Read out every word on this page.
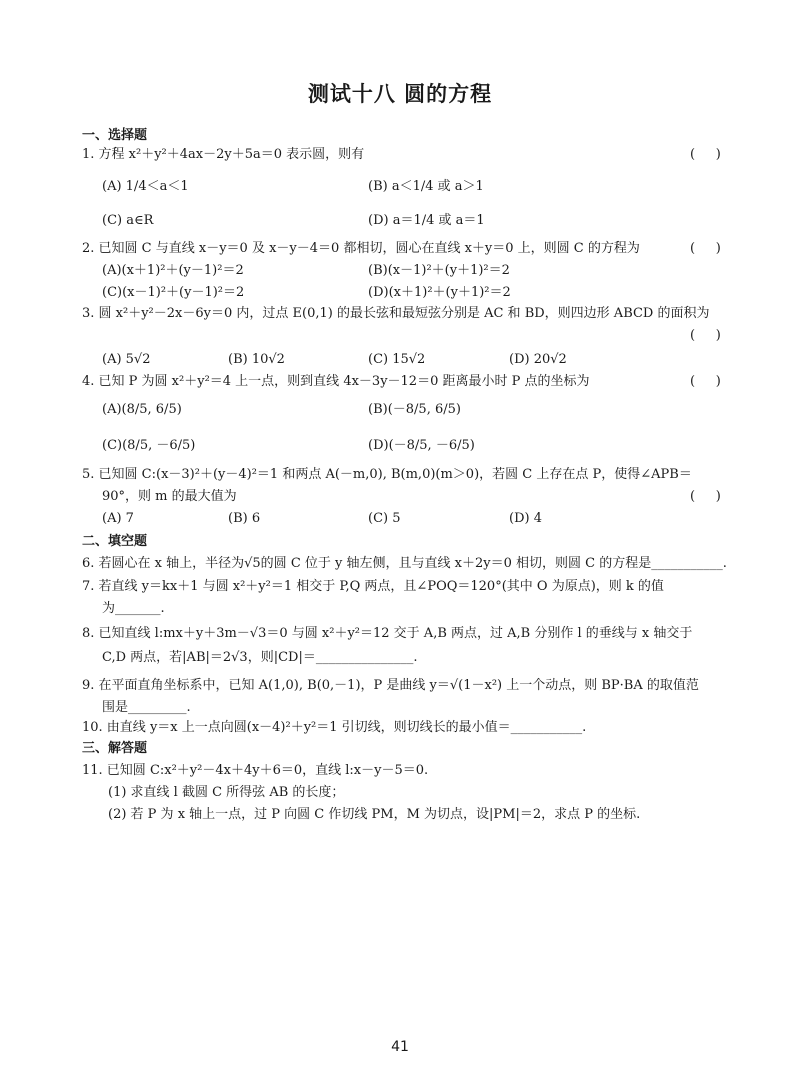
测试十八 圆的方程
一、选择题
1. 方程 x²＋y²＋4ax－2y＋5a＝0 表示圆，则有	(     )
(A) 1/4＜a＜1	(B) a＜1/4 或 a＞1
(C) a∈R	(D) a＝1/4 或 a＝1
2. 已知圆 C 与直线 x－y＝0 及 x－y－4＝0 都相切，圆心在直线 x＋y＝0 上，则圆 C 的方程为	(     )
(A)(x＋1)²＋(y－1)²＝2	(B)(x－1)²＋(y＋1)²＝2
(C)(x－1)²＋(y－1)²＝2	(D)(x＋1)²＋(y＋1)²＝2
3. 圆 x²＋y²－2x－6y＝0 内，过点 E(0,1) 的最长弦和最短弦分别是 AC 和 BD，则四边形 ABCD 的面积为
(     )
(A) 5√2	(B) 10√2	(C) 15√2	(D) 20√2
4. 已知 P 为圆 x²＋y²＝4 上一点，则到直线 4x－3y－12＝0 距离最小时 P 点的坐标为	(     )
(A)(8/5, 6/5)	(B)(－8/5, 6/5)
(C)(8/5, －6/5)	(D)(－8/5, －6/5)
5. 已知圆 C:(x－3)²＋(y－4)²＝1 和两点 A(－m,0), B(m,0)(m＞0)，若圆 C 上存在点 P，使得∠APB＝
90°，则 m 的最大值为	(     )
(A) 7	(B) 6	(C) 5	(D) 4
二、填空题
6. 若圆心在 x 轴上，半径为√5的圆 C 位于 y 轴左侧，且与直线 x＋2y＝0 相切，则圆 C 的方程是___________.
7. 若直线 y＝kx＋1 与圆 x²＋y²＝1 相交于 P,Q 两点，且∠POQ＝120°(其中 O 为原点)，则 k 的值
为_______.
8. 已知直线 l:mx＋y＋3m－√3＝0 与圆 x²＋y²＝12 交于 A,B 两点，过 A,B 分别作 l 的垂线与 x 轴交于
C,D 两点，若|AB|＝2√3，则|CD|＝_______________.
9. 在平面直角坐标系中，已知 A(1,0), B(0,－1)，P 是曲线 y＝√(1－x²) 上一个动点，则 BP·BA 的取值范
围是_________.
10. 由直线 y＝x 上一点向圆(x－4)²＋y²＝1 引切线，则切线长的最小值＝___________.
三、解答题
11. 已知圆 C:x²＋y²－4x＋4y＋6＝0，直线 l:x－y－5＝0.
(1) 求直线 l 截圆 C 所得弦 AB 的长度；
(2) 若 P 为 x 轴上一点，过 P 向圆 C 作切线 PM，M 为切点，设|PM|＝2，求点 P 的坐标.
41
